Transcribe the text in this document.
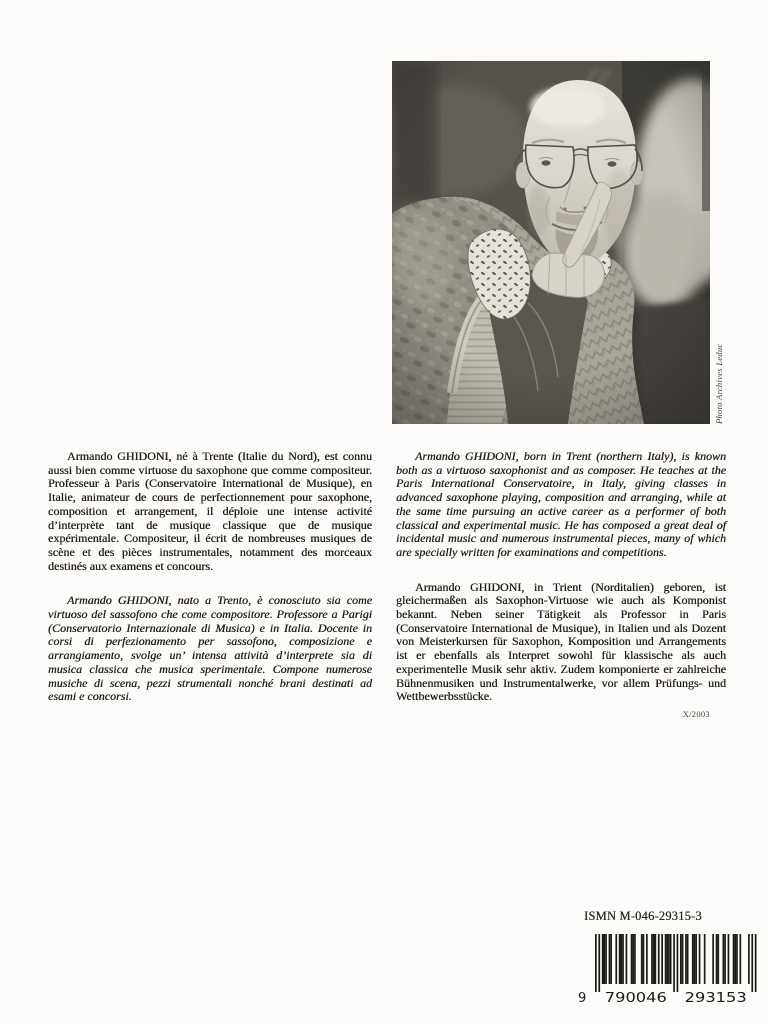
Photo Archives Leduc

Armando GHIDONI, né à Trente (Italie du Nord), est connu aussi bien comme virtuose du saxophone que comme compositeur. Professeur à Paris (Conservatoire International de Musique), en Italie, animateur de cours de perfectionnement pour saxophone, composition et arrangement, il déploie une intense activité d’interprète tant de musique classique que de musique expérimentale. Compositeur, il écrit de nombreuses musiques de scène et des pièces instrumentales, notamment des morceaux destinés aux examens et concours.

Armando GHIDONI, nato a Trento, è conosciuto sia come virtuoso del sassofono che come compositore. Professore a Parigi (Conservatorio Internazionale di Musica) e in Italia. Docente in corsi di perfezionamento per sassofono, composizione e arrangiamento, svolge un’ intensa attività d’interprete sia di musica classica che musica sperimentale. Compone numerose musiche di scena, pezzi strumentali nonché brani destinati ad esami e concorsi.

Armando GHIDONI, born in Trent (northern Italy), is known both as a virtuoso saxophonist and as composer. He teaches at the Paris International Conservatoire, in Italy, giving classes in advanced saxophone playing, composition and arranging, while at the same time pursuing an active career as a performer of both classical and experimental music. He has composed a great deal of incidental music and numerous instrumental pieces, many of which are specially written for examinations and competitions.

Armando GHIDONI, in Trient (Norditalien) geboren, ist gleichermaßen als Saxophon-Virtuose wie auch als Komponist bekannt. Neben seiner Tätigkeit als Professor in Paris (Conservatoire International de Musique), in Italien und als Dozent von Meisterkursen für Saxophon, Komposition und Arrangements ist er ebenfalls als Interpret sowohl für klassische als auch experimentelle Musik sehr aktiv. Zudem komponierte er zahlreiche Bühnenmusiken und Instrumentalwerke, vor allem Prüfungs- und Wettbewerbsstücke.

X/2003
ISMN M-046-29315-3
9 790046 293153
